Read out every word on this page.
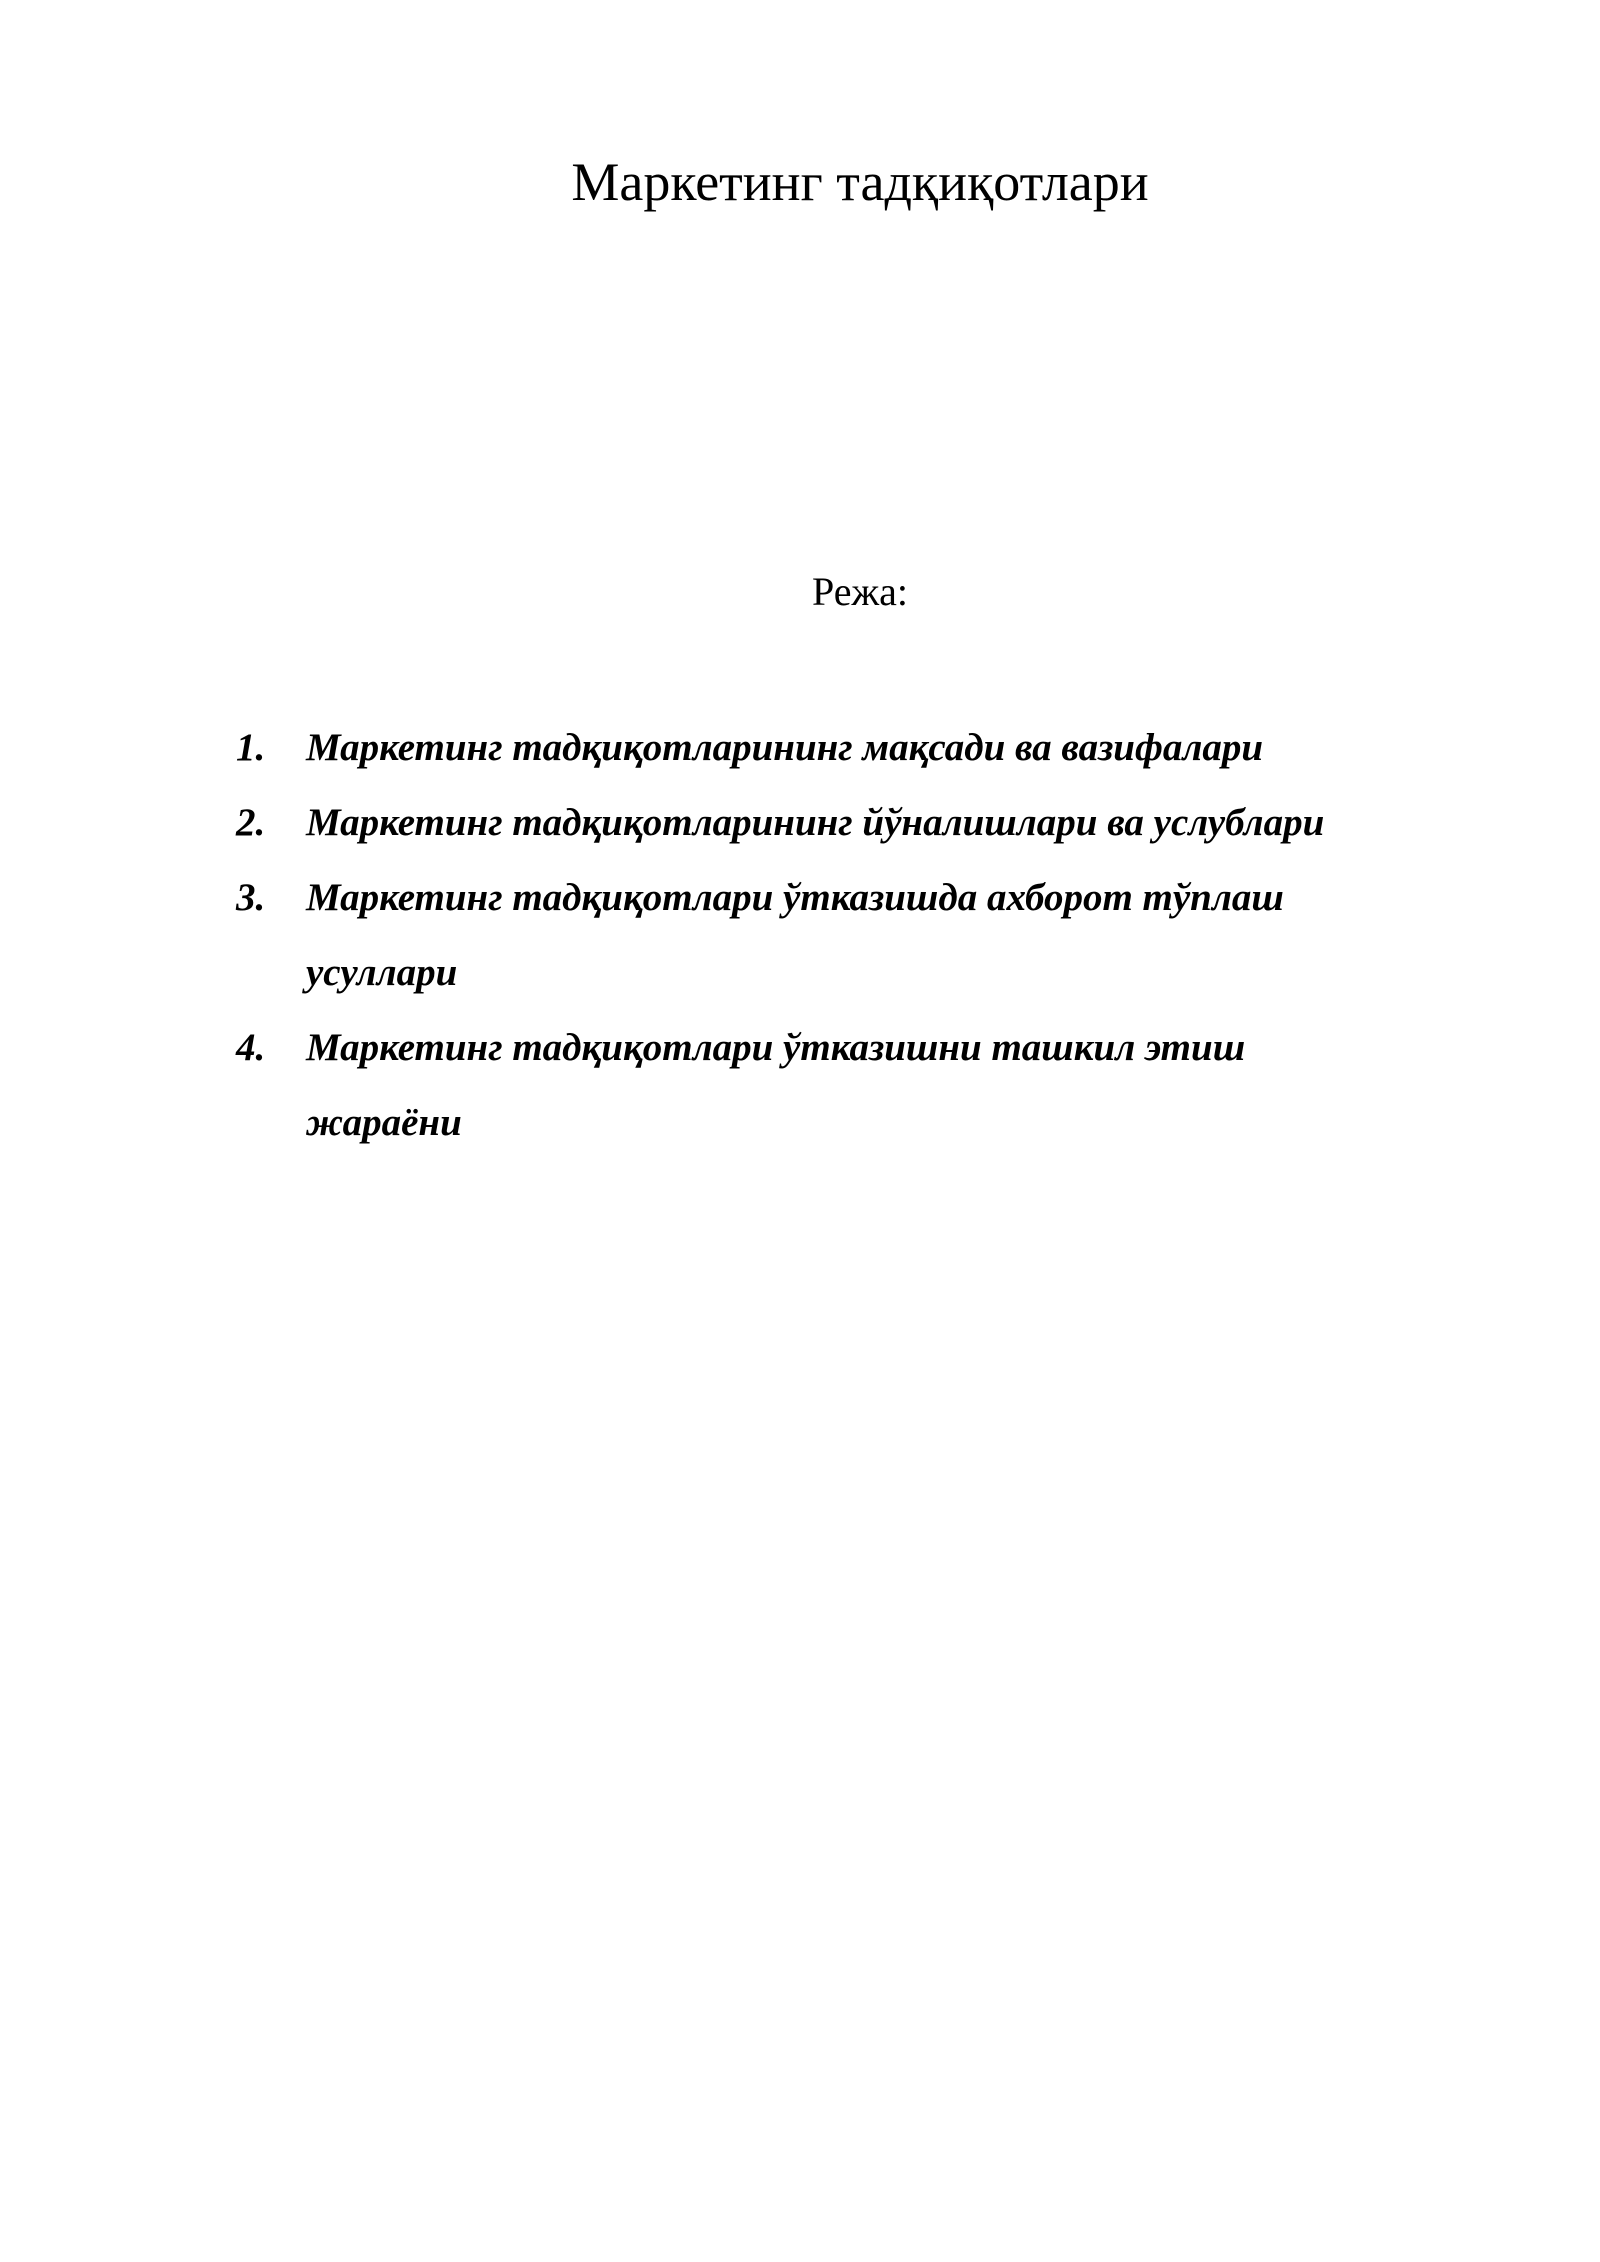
Маркетинг тадқиқотлари
Режа:
1.	Маркетинг тадқиқотларининг мақсади ва вазифалари
2.	Маркетинг тадқиқотларининг йўналишлари ва услублари
3.	Маркетинг тадқиқотлари ўтказишда ахборот тўплаш усуллари
4.	Маркетинг тадқиқотлари ўтказишни ташкил этиш жараёни
